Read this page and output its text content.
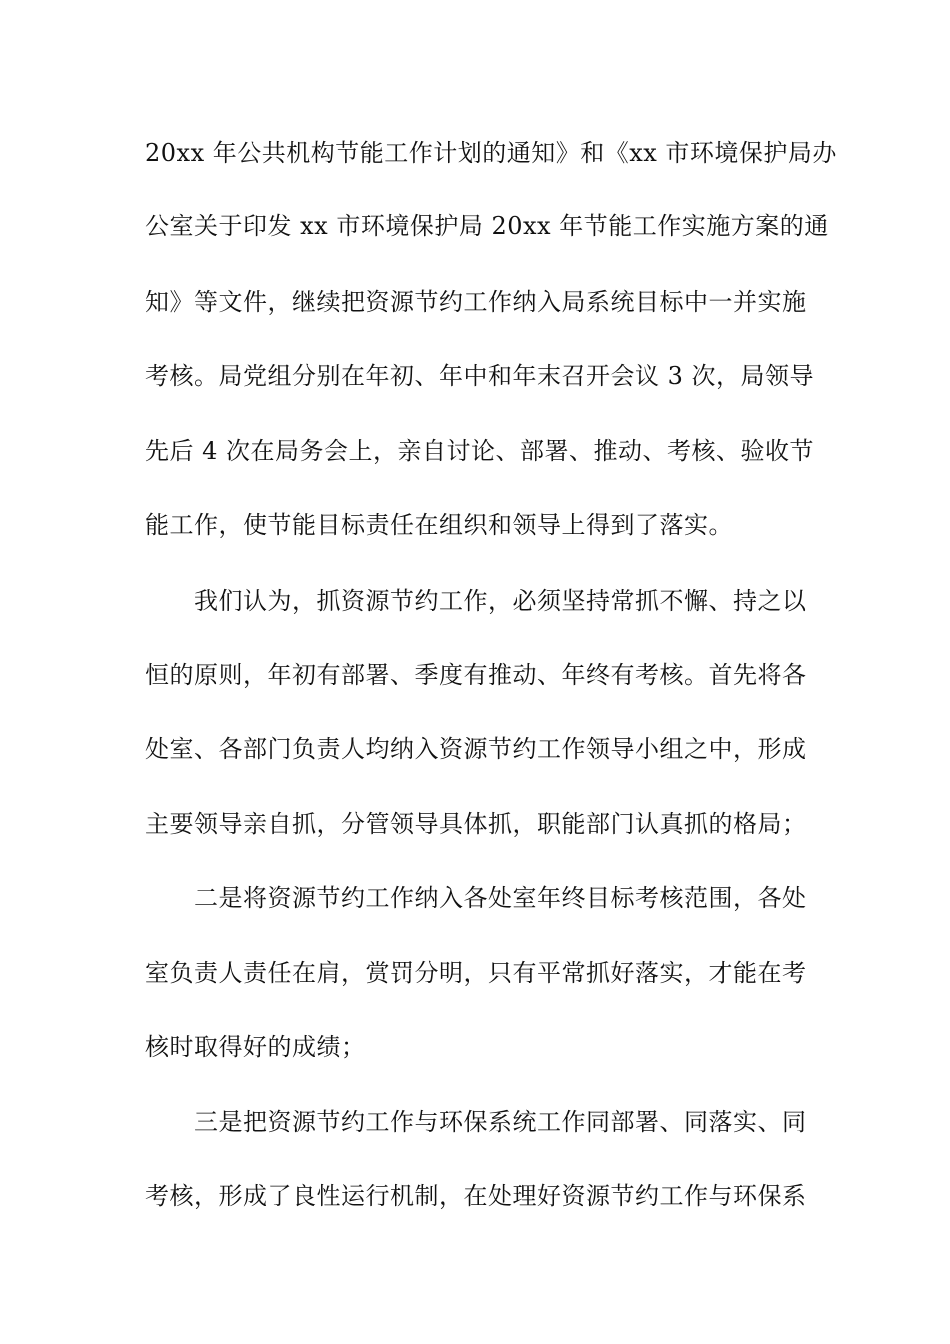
20xx 年公共机构节能工作计划的通知》和《xx 市环境保护局办
公室关于印发 xx 市环境保护局 20xx 年节能工作实施方案的通
知》等文件，继续把资源节约工作纳入局系统目标中一并实施
考核。局党组分别在年初、年中和年末召开会议 3 次，局领导
先后 4 次在局务会上，亲自讨论、部署、推动、考核、验收节
能工作，使节能目标责任在组织和领导上得到了落实。
我们认为，抓资源节约工作，必须坚持常抓不懈、持之以
恒的原则，年初有部署、季度有推动、年终有考核。首先将各
处室、各部门负责人均纳入资源节约工作领导小组之中，形成
主要领导亲自抓，分管领导具体抓，职能部门认真抓的格局；
二是将资源节约工作纳入各处室年终目标考核范围，各处
室负责人责任在肩，赏罚分明，只有平常抓好落实，才能在考
核时取得好的成绩；
三是把资源节约工作与环保系统工作同部署、同落实、同
考核，形成了良性运行机制，在处理好资源节约工作与环保系
